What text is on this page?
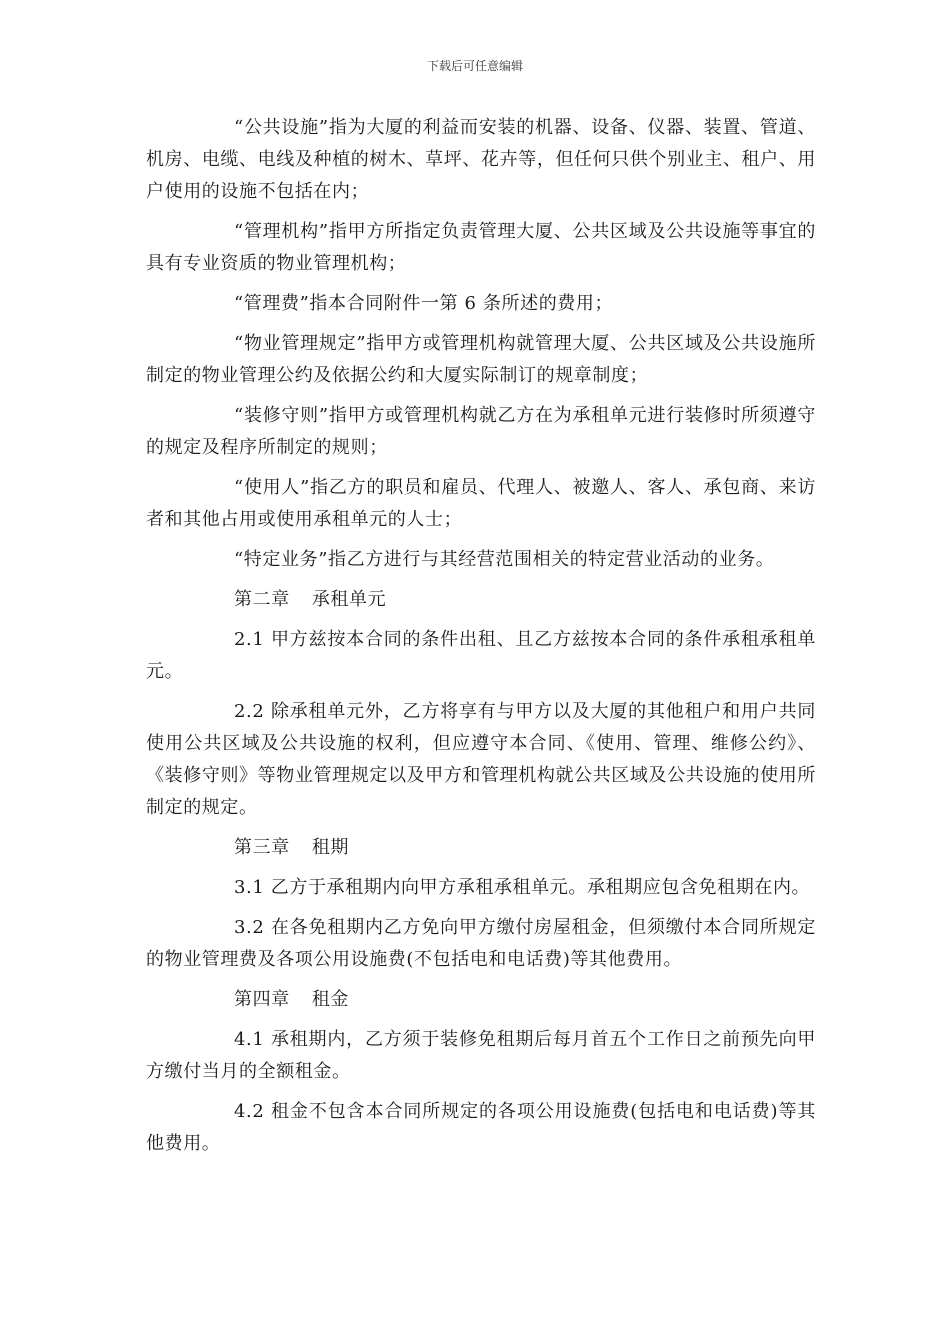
下载后可任意编辑

“公共设施”指为大厦的利益而安装的机器、设备、仪器、装置、管道、机房、电缆、电线及种植的树木、草坪、花卉等，但任何只供个别业主、租户、用户使用的设施不包括在内；

“管理机构”指甲方所指定负责管理大厦、公共区域及公共设施等事宜的具有专业资质的物业管理机构；

“管理费”指本合同附件一第 6 条所述的费用；

“物业管理规定”指甲方或管理机构就管理大厦、公共区域及公共设施所制定的物业管理公约及依据公约和大厦实际制订的规章制度；

“装修守则”指甲方或管理机构就乙方在为承租单元进行装修时所须遵守的规定及程序所制定的规则；

“使用人”指乙方的职员和雇员、代理人、被邀人、客人、承包商、来访者和其他占用或使用承租单元的人士；

“特定业务”指乙方进行与其经营范围相关的特定营业活动的业务。

第二章 承租单元

2.1 甲方兹按本合同的条件出租、且乙方兹按本合同的条件承租承租单元。

2.2 除承租单元外，乙方将享有与甲方以及大厦的其他租户和用户共同使用公共区域及公共设施的权利，但应遵守本合同、《使用、管理、维修公约》、《装修守则》等物业管理规定以及甲方和管理机构就公共区域及公共设施的使用所制定的规定。

第三章 租期

3.1 乙方于承租期内向甲方承租承租单元。承租期应包含免租期在内。

3.2 在各免租期内乙方免向甲方缴付房屋租金，但须缴付本合同所规定的物业管理费及各项公用设施费(不包括电和电话费)等其他费用。

第四章 租金

4.1 承租期内，乙方须于装修免租期后每月首五个工作日之前预先向甲方缴付当月的全额租金。

4.2 租金不包含本合同所规定的各项公用设施费(包括电和电话费)等其他费用。
